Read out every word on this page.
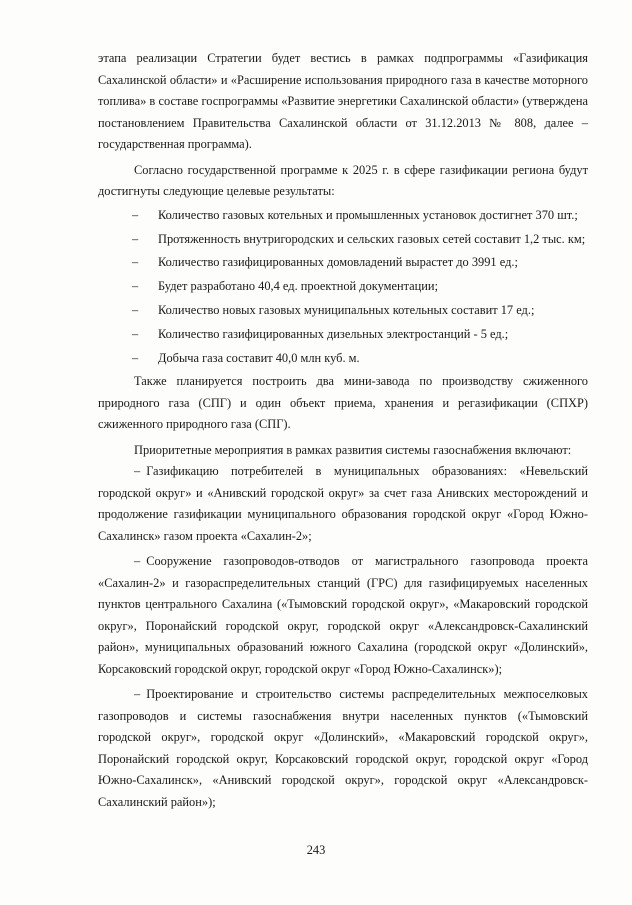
этапа реализации Стратегии будет вестись в рамках подпрограммы «Газификация Сахалинской области» и «Расширение использования природного газа в качестве моторного топлива» в составе госпрограммы «Развитие энергетики Сахалинской области» (утверждена постановлением Правительства Сахалинской области от 31.12.2013 № 808, далее – государственная программа).

Согласно государственной программе к 2025 г. в сфере газификации региона будут достигнуты следующие целевые результаты:

– Количество газовых котельных и промышленных установок достигнет 370 шт.;
– Протяженность внутригородских и сельских газовых сетей составит 1,2 тыс. км;
– Количество газифицированных домовладений вырастет до 3991 ед.;
– Будет разработано 40,4 ед. проектной документации;
– Количество новых газовых муниципальных котельных составит 17 ед.;
– Количество газифицированных дизельных электростанций - 5 ед.;
– Добыча газа составит 40,0 млн куб. м.

Также планируется построить два мини-завода по производству сжиженного природного газа (СПГ) и один объект приема, хранения и регазификации (СПХР) сжиженного природного газа (СПГ).

Приоритетные мероприятия в рамках развития системы газоснабжения включают:

– Газификацию потребителей в муниципальных образованиях: «Невельский городской округ» и «Анивский городской округ» за счет газа Анивских месторождений и продолжение газификации муниципального образования городской округ «Город Южно-Сахалинск» газом проекта «Сахалин-2»;

– Сооружение газопроводов-отводов от магистрального газопровода проекта «Сахалин-2» и газораспределительных станций (ГРС) для газифицируемых населенных пунктов центрального Сахалина («Тымовский городской округ», «Макаровский городской округ», Поронайский городской округ, городской округ «Александровск-Сахалинский район», муниципальных образований южного Сахалина (городской округ «Долинский», Корсаковский городской округ, городской округ «Город Южно-Сахалинск»);

– Проектирование и строительство системы распределительных межпоселковых газопроводов и системы газоснабжения внутри населенных пунктов («Тымовский городской округ», городской округ «Долинский», «Макаровский городской округ», Поронайский городской округ, Корсаковский городской округ, городской округ «Город Южно-Сахалинск», «Анивский городской округ», городской округ «Александровск-Сахалинский район»);

243
